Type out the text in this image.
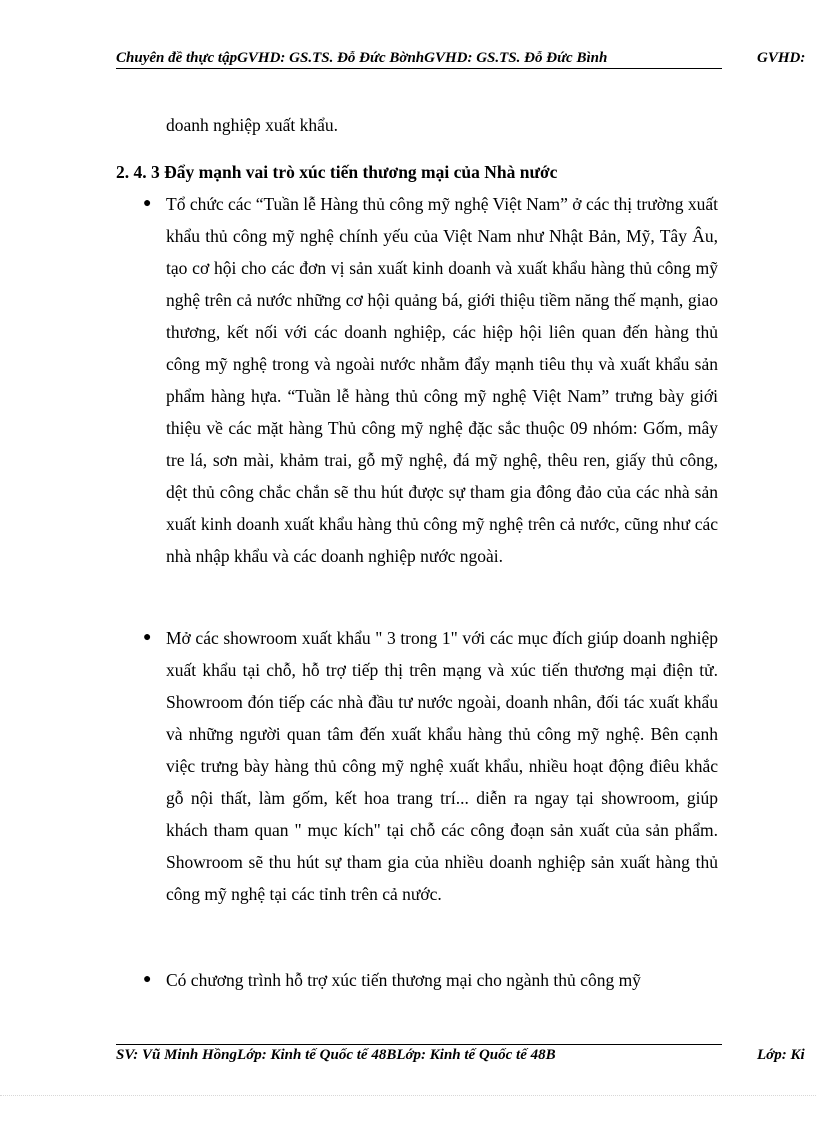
Chuyên đề thực tậpGVHD: GS.TS. Đỗ Đức BờnhGVHD: GS.TS. Đỗ Đức Bình	GVHD:
doanh nghiệp xuất khẩu.
2. 4. 3 Đẩy mạnh vai trò xúc tiến thương mại của Nhà nước
● Tổ chức các “Tuần lễ Hàng thủ công mỹ nghệ Việt Nam” ở các thị trường xuất khẩu thủ công mỹ nghệ chính yếu của Việt Nam như Nhật Bản, Mỹ, Tây Âu, tạo cơ hội cho các đơn vị sản xuất kinh doanh và xuất khẩu hàng thủ công mỹ nghệ trên cả nước những cơ hội quảng bá, giới thiệu tiềm năng thế mạnh, giao thương, kết nối với các doanh nghiệp, các hiệp hội liên quan đến hàng thủ công mỹ nghệ trong và ngoài nước nhằm đẩy mạnh tiêu thụ và xuất khẩu sản phẩm hàng hựa. “Tuần lễ hàng thủ công mỹ nghệ Việt Nam” trưng bày giới thiệu về các mặt hàng Thủ công mỹ nghệ đặc sắc thuộc 09 nhóm: Gốm, mây tre lá, sơn mài, khảm trai, gỗ mỹ nghệ, đá mỹ nghệ, thêu ren, giấy thủ công, dệt thủ công chắc chắn sẽ thu hút được sự tham gia đông đảo của các nhà sản xuất kinh doanh xuất khẩu hàng thủ công mỹ nghệ trên cả nước, cũng như các nhà nhập khẩu và các doanh nghiệp nước ngoài.
● Mở các showroom xuất khẩu " 3 trong 1" với các mục đích giúp doanh nghiệp xuất khẩu tại chỗ, hỗ trợ tiếp thị trên mạng và xúc tiến thương mại điện tử. Showroom đón tiếp các nhà đầu tư nước ngoài, doanh nhân, đối tác xuất khẩu và những người quan tâm đến xuất khẩu hàng thủ công mỹ nghệ. Bên cạnh việc trưng bày hàng thủ công mỹ nghệ xuất khẩu, nhiều hoạt động điêu khắc gỗ nội thất, làm gốm, kết hoa trang trí... diễn ra ngay tại showroom, giúp khách tham quan " mục kích" tại chỗ các công đoạn sản xuất của sản phẩm. Showroom sẽ thu hút sự tham gia của nhiều doanh nghiệp sản xuất hàng thủ công mỹ nghệ tại các tỉnh trên cả nước.
● Có chương trình hỗ trợ xúc tiến thương mại cho ngành thủ công mỹ
SV: Vũ Minh HồngLớp: Kinh tế Quốc tế 48BLớp: Kinh tế Quốc tế 48B	Lớp: Ki
